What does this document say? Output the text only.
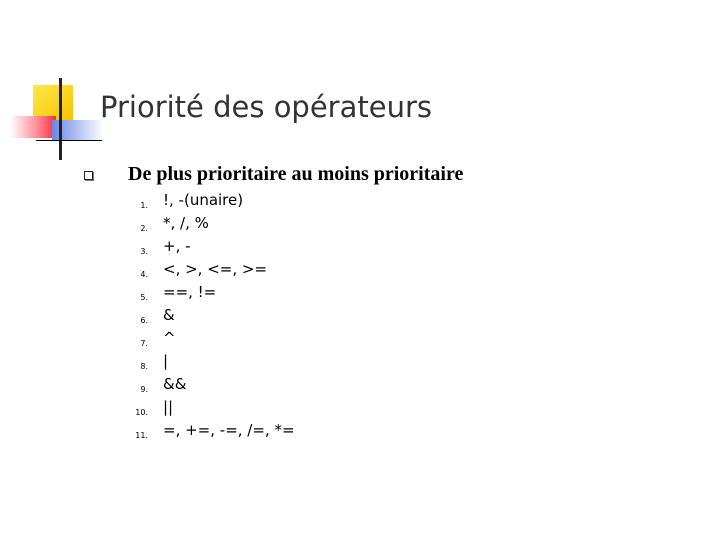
Priorité des opérateurs
De plus prioritaire au moins prioritaire
1. !, -(unaire)
2. *, /, %
3. +, -
4. <, >, <=, >=
5. ==, !=
6. &
7. ^
8. |
9. &&
10. ||
11. =, +=, -=, /=, *=
